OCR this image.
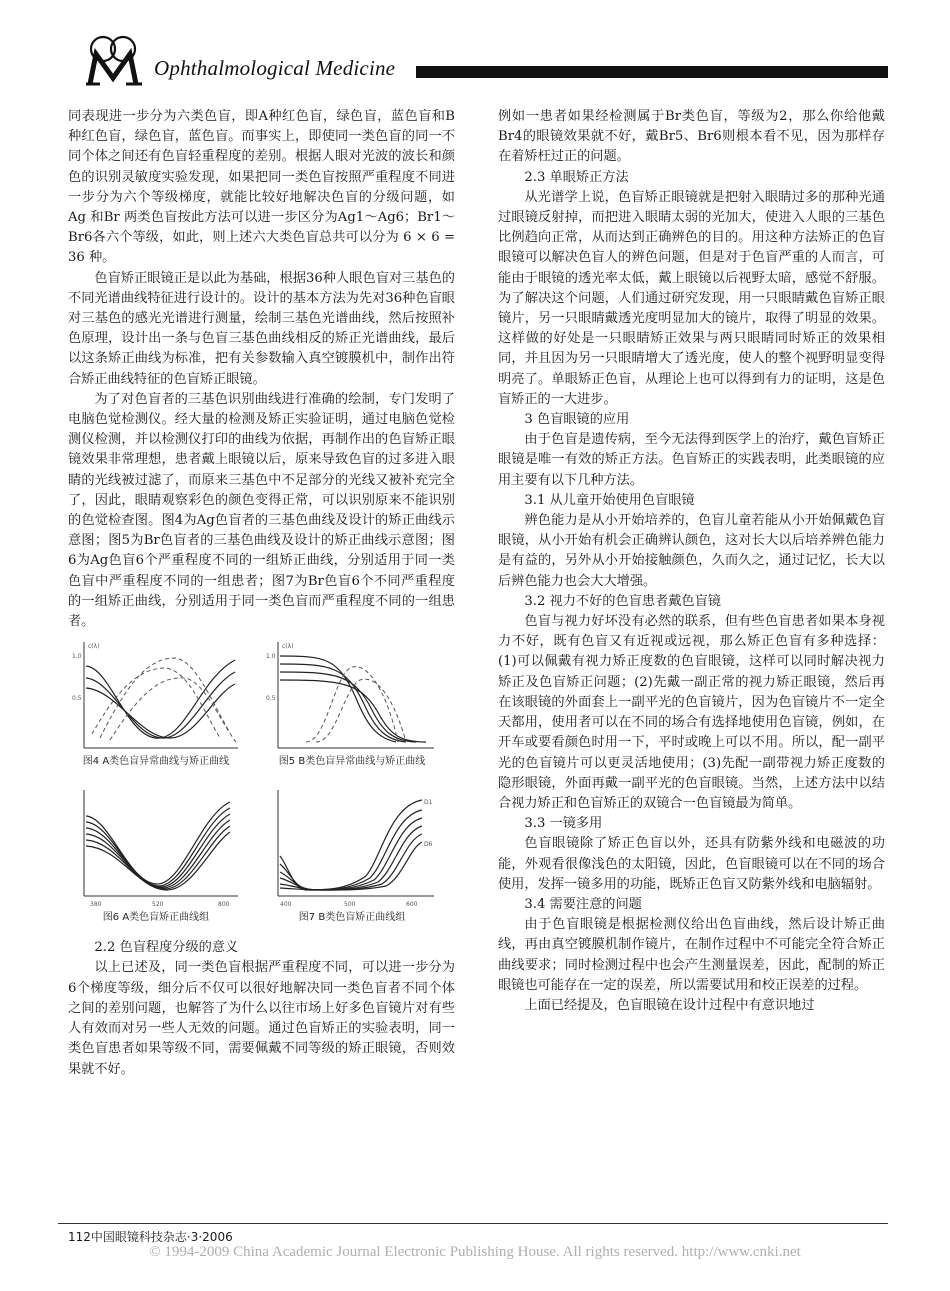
Ophthalmological Medicine

同表现进一步分为六类色盲，即A种红色盲，绿色盲，蓝色盲和B种红色盲，绿色盲，蓝色盲。而事实上，即使同一类色盲的同一不同个体之间还有色盲轻重程度的差别。根据人眼对光波的波长和颜色的识别灵敏度实验发现，如果把同一类色盲按照严重程度不同进一步分为六个等级梯度，就能比较好地解决色盲的分级问题，如Ag 和Br 两类色盲按此方法可以进一步区分为Ag1～Ag6；Br1～Br6各六个等级，如此，则上述六大类色盲总共可以分为 6 × 6 = 36 种。

色盲矫正眼镜正是以此为基础，根据36种人眼色盲对三基色的不同光谱曲线特征进行设计的。设计的基本方法为先对36种色盲眼对三基色的感光光谱进行测量，绘制三基色光谱曲线，然后按照补色原理，设计出一条与色盲三基色曲线相反的矫正光谱曲线，最后以这条矫正曲线为标准，把有关参数输入真空镀膜机中，制作出符合矫正曲线特征的色盲矫正眼镜。

为了对色盲者的三基色识别曲线进行准确的绘制，专门发明了电脑色觉检测仪。经大量的检测及矫正实验证明，通过电脑色觉检测仪检测，并以检测仪打印的曲线为依据，再制作出的色盲矫正眼镜效果非常理想，患者戴上眼镜以后，原来导致色盲的过多进入眼睛的光线被过滤了，而原来三基色中不足部分的光线又被补充完全了，因此，眼睛观察彩色的颜色变得正常，可以识别原来不能识别的色觉检查图。图4为Ag色盲者的三基色曲线及设计的矫正曲线示意图；图5为Br色盲者的三基色曲线及设计的矫正曲线示意图；图6为Ag色盲6个严重程度不同的一组矫正曲线，分别适用于同一类色盲中严重程度不同的一组患者；图7为Br色盲6个不同严重程度的一组矫正曲线，分别适用于同一类色盲而严重程度不同的一组患者。

1.0
0.5
c(λ)
图4 A类色盲异常曲线与矫正曲线
1.0
0.5
c(λ)
图5 B类色盲异常曲线与矫正曲线
380	520	800
图6 A类色盲矫正曲线组
400	500	600
D1
D6
图7 B类色盲矫正曲线组
2.2 色盲程度分级的意义

以上已述及，同一类色盲根据严重程度不同，可以进一步分为6个梯度等级，细分后不仅可以很好地解决同一类色盲者不同个体之间的差别问题，也解答了为什么以往市场上好多色盲镜片对有些人有效而对另一些人无效的问题。通过色盲矫正的实验表明，同一类色盲患者如果等级不同，需要佩戴不同等级的矫正眼镜，否则效果就不好。

例如一患者如果经检测属于Br类色盲，等级为2，那么你给他戴Br4的眼镜效果就不好，戴Br5、Br6则根本看不见，因为那样存在着矫枉过正的问题。

2.3 单眼矫正方法

从光谱学上说，色盲矫正眼镜就是把射入眼睛过多的那种光通过眼镜反射掉，而把进入眼睛太弱的光加大，使进入人眼的三基色比例趋向正常，从而达到正确辨色的目的。用这种方法矫正的色盲眼镜可以解决色盲人的辨色问题，但是对于色盲严重的人而言，可能由于眼镜的透光率太低，戴上眼镜以后视野太暗，感觉不舒服。为了解决这个问题，人们通过研究发现，用一只眼睛戴色盲矫正眼镜片，另一只眼睛戴透光度明显加大的镜片，取得了明显的效果。这样做的好处是一只眼睛矫正效果与两只眼睛同时矫正的效果相同，并且因为另一只眼睛增大了透光度，使人的整个视野明显变得明亮了。单眼矫正色盲，从理论上也可以得到有力的证明，这是色盲矫正的一大进步。

3 色盲眼镜的应用

由于色盲是遗传病，至今无法得到医学上的治疗，戴色盲矫正眼镜是唯一有效的矫正方法。色盲矫正的实践表明，此类眼镜的应用主要有以下几种方法。

3.1 从儿童开始使用色盲眼镜

辨色能力是从小开始培养的，色盲儿童若能从小开始佩戴色盲眼镜，从小开始有机会正确辨认颜色，这对长大以后培养辨色能力是有益的，另外从小开始接触颜色，久而久之，通过记忆，长大以后辨色能力也会大大增强。

3.2 视力不好的色盲患者戴色盲镜

色盲与视力好坏没有必然的联系，但有些色盲患者如果本身视力不好，既有色盲又有近视或远视，那么矫正色盲有多种选择：(1)可以佩戴有视力矫正度数的色盲眼镜，这样可以同时解决视力矫正及色盲矫正问题；(2)先戴一副正常的视力矫正眼镜，然后再在该眼镜的外面套上一副平光的色盲镜片，因为色盲镜片不一定全天都用，使用者可以在不同的场合有选择地使用色盲镜，例如，在开车或要看颜色时用一下，平时或晚上可以不用。所以，配一副平光的色盲镜片可以更灵活地使用；(3)先配一副带视力矫正度数的隐形眼镜，外面再戴一副平光的色盲眼镜。当然，上述方法中以结合视力矫正和色盲矫正的双镜合一色盲镜最为简单。

3.3 一镜多用

色盲眼镜除了矫正色盲以外，还具有防紫外线和电磁波的功能，外观看很像浅色的太阳镜，因此，色盲眼镜可以在不同的场合使用，发挥一镜多用的功能，既矫正色盲又防紫外线和电脑辐射。

3.4 需要注意的问题

由于色盲眼镜是根据检测仪给出色盲曲线，然后设计矫正曲线，再由真空镀膜机制作镜片，在制作过程中不可能完全符合矫正曲线要求；同时检测过程中也会产生测量误差，因此，配制的矫正眼镜也可能存在一定的误差，所以需要试用和校正误差的过程。

上面已经提及，色盲眼镜在设计过程中有意识地过

112中国眼镜科技杂志·3·2006
© 1994-2009 China Academic Journal Electronic Publishing House. All rights reserved. http://www.cnki.net
